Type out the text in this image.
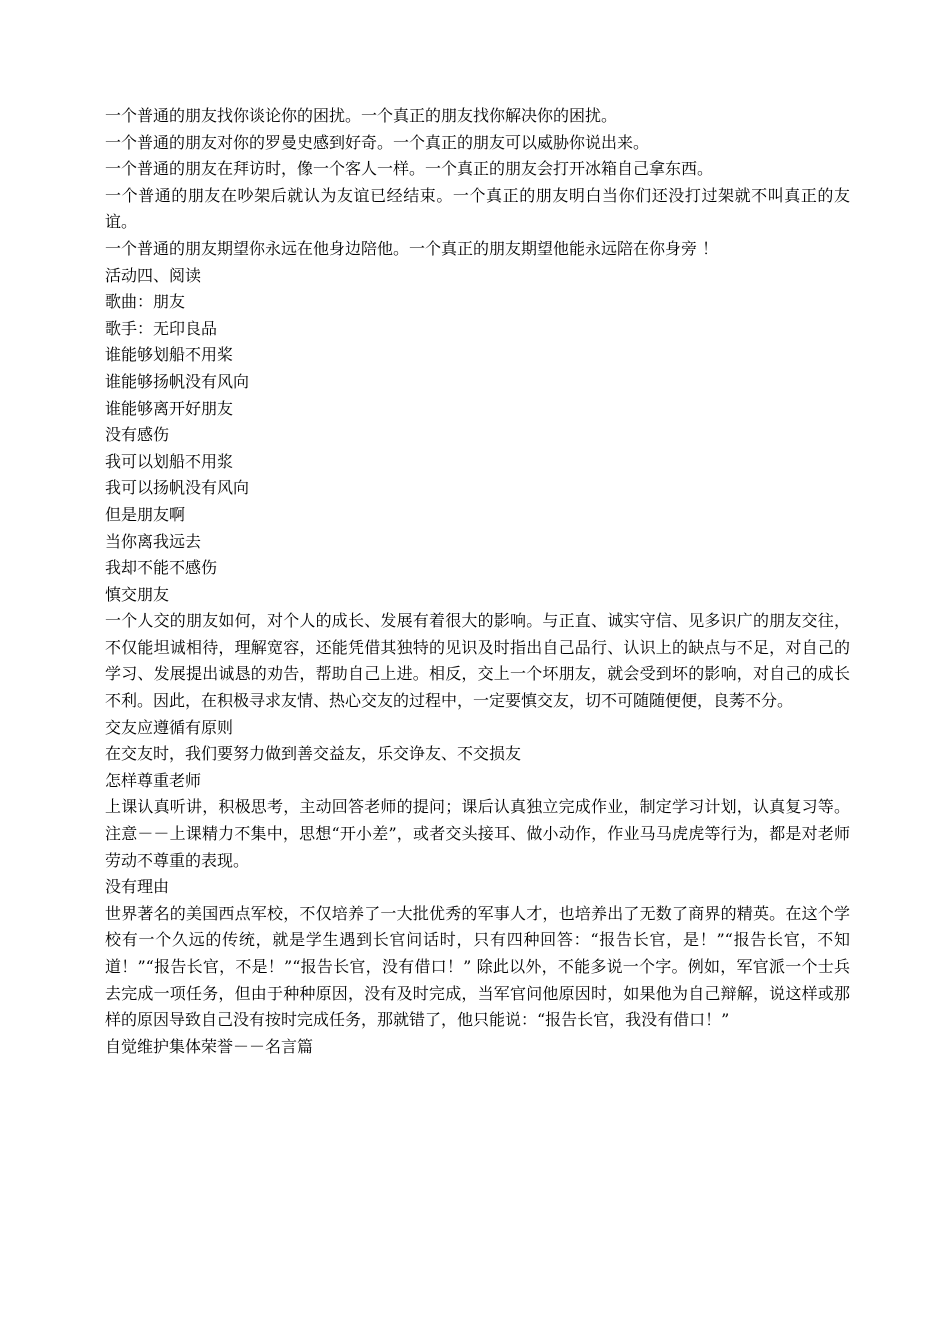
一个普通的朋友找你谈论你的困扰。一个真正的朋友找你解决你的困扰。

一个普通的朋友对你的罗曼史感到好奇。一个真正的朋友可以威胁你说出来。

一个普通的朋友在拜访时，像一个客人一样。一个真正的朋友会打开冰箱自己拿东西。

一个普通的朋友在吵架后就认为友谊已经结束。一个真正的朋友明白当你们还没打过架就不叫真正的友谊。

一个普通的朋友期望你永远在他身边陪他。一个真正的朋友期望他能永远陪在你身旁 ！

活动四、阅读

歌曲：朋友

歌手：无印良品

谁能够划船不用桨

谁能够扬帆没有风向

谁能够离开好朋友

没有感伤

我可以划船不用浆

我可以扬帆没有风向

但是朋友啊

当你离我远去

我却不能不感伤

慎交朋友

一个人交的朋友如何，对个人的成长、发展有着很大的影响。与正直、诚实守信、见多识广的朋友交往，不仅能坦诚相待，理解宽容，还能凭借其独特的见识及时指出自己品行、认识上的缺点与不足，对自己的学习、发展提出诚恳的劝告，帮助自己上进。相反，交上一个坏朋友，就会受到坏的影响，对自己的成长不利。因此，在积极寻求友情、热心交友的过程中，一定要慎交友，切不可随随便便，良莠不分。

交友应遵循有原则

在交友时，我们要努力做到善交益友，乐交诤友、不交损友

怎样尊重老师

上课认真听讲，积极思考，主动回答老师的提问；课后认真独立完成作业，制定学习计划，认真复习等。注意－－上课精力不集中，思想“开小差”，或者交头接耳、做小动作，作业马马虎虎等行为，都是对老师劳动不尊重的表现。

没有理由

世界著名的美国西点军校，不仅培养了一大批优秀的军事人才，也培养出了无数了商界的精英。在这个学校有一个久远的传统，就是学生遇到长官问话时，只有四种回答：“报告长官，是！”“报告长官，不知道！”“报告长官，不是！”“报告长官，没有借口！” 除此以外，不能多说一个字。例如，军官派一个士兵去完成一项任务，但由于种种原因，没有及时完成，当军官问他原因时，如果他为自己辩解，说这样或那样的原因导致自己没有按时完成任务，那就错了，他只能说：“报告长官，我没有借口！”

自觉维护集体荣誉－－名言篇
